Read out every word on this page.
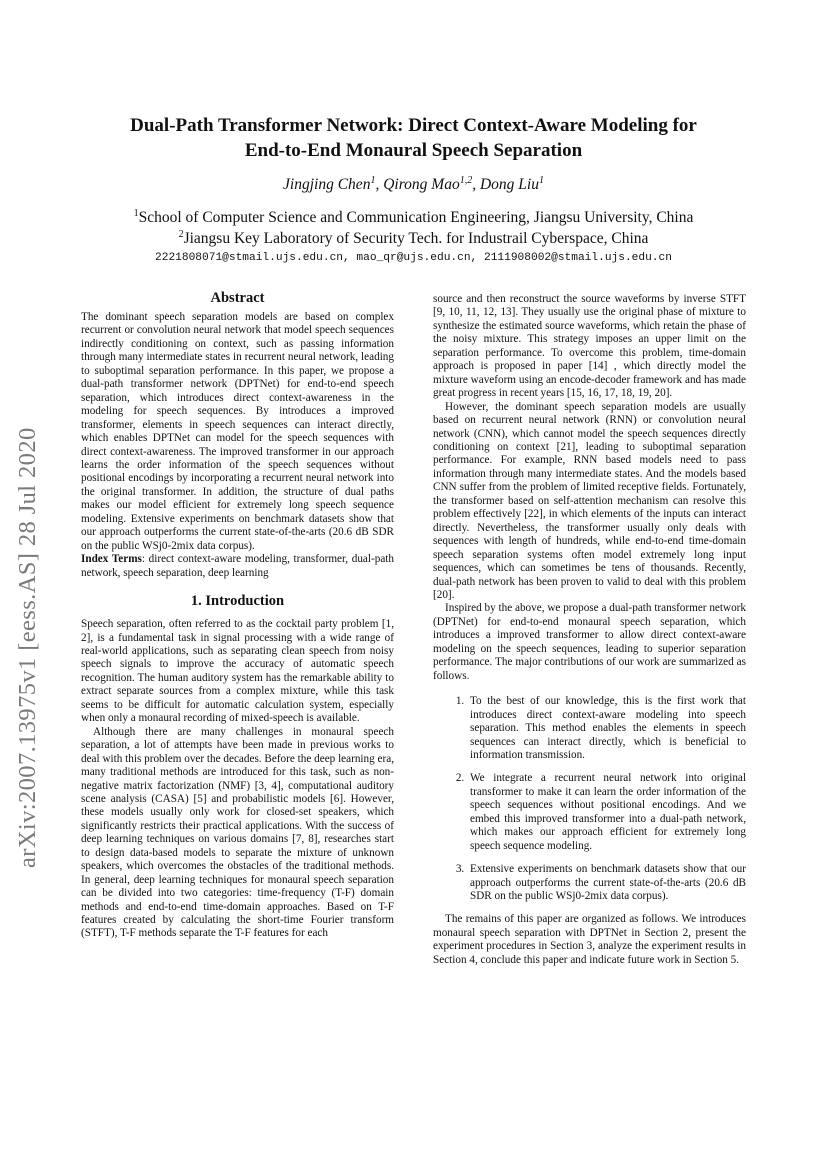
arXiv:2007.13975v1 [eess.AS] 28 Jul 2020
Dual-Path Transformer Network: Direct Context-Aware Modeling for
End-to-End Monaural Speech Separation
Jingjing Chen$^1$, Qirong Mao$^{1,2}$, Dong Liu$^1$
$^1$School of Computer Science and Communication Engineering, Jiangsu University, China
$^2$Jiangsu Key Laboratory of Security Tech. for Industrail Cyberspace, China
2221808071@stmail.ujs.edu.cn, mao_qr@ujs.edu.cn, 2111908002@stmail.ujs.edu.cn
Abstract

The dominant speech separation models are based on complex recurrent or convolution neural network that model speech sequences indirectly conditioning on context, such as passing information through many intermediate states in recurrent neural network, leading to suboptimal separation performance. In this paper, we propose a dual-path transformer network (DPTNet) for end-to-end speech separation, which introduces direct context-awareness in the modeling for speech sequences. By introduces a improved transformer, elements in speech sequences can interact directly, which enables DPTNet can model for the speech sequences with direct context-awareness. The improved transformer in our approach learns the order information of the speech sequences without positional encodings by incorporating a recurrent neural network into the original transformer. In addition, the structure of dual paths makes our model efficient for extremely long speech sequence modeling. Extensive experiments on benchmark datasets show that our approach outperforms the current state-of-the-arts (20.6 dB SDR on the public WSj0-2mix data corpus).

Index Terms: direct context-aware modeling, transformer, dual-path network, speech separation, deep learning

1. Introduction

Speech separation, often referred to as the cocktail party problem [1, 2], is a fundamental task in signal processing with a wide range of real-world applications, such as separating clean speech from noisy speech signals to improve the accuracy of automatic speech recognition. The human auditory system has the remarkable ability to extract separate sources from a complex mixture, while this task seems to be difficult for automatic calculation system, especially when only a monaural recording of mixed-speech is available.

Although there are many challenges in monaural speech separation, a lot of attempts have been made in previous works to deal with this problem over the decades. Before the deep learning era, many traditional methods are introduced for this task, such as non-negative matrix factorization (NMF) [3, 4], computational auditory scene analysis (CASA) [5] and probabilistic models [6]. However, these models usually only work for closed-set speakers, which significantly restricts their practical applications. With the success of deep learning techniques on various domains [7, 8], researches start to design data-based models to separate the mixture of unknown speakers, which overcomes the obstacles of the traditional methods. In general, deep learning techniques for monaural speech separation can be divided into two categories: time-frequency (T-F) domain methods and end-to-end time-domain approaches. Based on T-F features created by calculating the short-time Fourier transform (STFT), T-F methods separate the T-F features for each

source and then reconstruct the source waveforms by inverse STFT [9, 10, 11, 12, 13]. They usually use the original phase of mixture to synthesize the estimated source waveforms, which retain the phase of the noisy mixture. This strategy imposes an upper limit on the separation performance. To overcome this problem, time-domain approach is proposed in paper [14] , which directly model the mixture waveform using an encode-decoder framework and has made great progress in recent years [15, 16, 17, 18, 19, 20].

However, the dominant speech separation models are usually based on recurrent neural network (RNN) or convolution neural network (CNN), which cannot model the speech sequences directly conditioning on context [21], leading to suboptimal separation performance. For example, RNN based models need to pass information through many intermediate states. And the models based CNN suffer from the problem of limited receptive fields. Fortunately, the transformer based on self-attention mechanism can resolve this problem effectively [22], in which elements of the inputs can interact directly. Nevertheless, the transformer usually only deals with sequences with length of hundreds, while end-to-end time-domain speech separation systems often model extremely long input sequences, which can sometimes be tens of thousands. Recently, dual-path network has been proven to valid to deal with this problem [20].

Inspired by the above, we propose a dual-path transformer network (DPTNet) for end-to-end monaural speech separation, which introduces a improved transformer to allow direct context-aware modeling on the speech sequences, leading to superior separation performance. The major contributions of our work are summarized as follows.

1. To the best of our knowledge, this is the first work that introduces direct context-aware modeling into speech separation. This method enables the elements in speech sequences can interact directly, which is beneficial to information transmission.
2. We integrate a recurrent neural network into original transformer to make it can learn the order information of the speech sequences without positional encodings. And we embed this improved transformer into a dual-path network, which makes our approach efficient for extremely long speech sequence modeling.
3. Extensive experiments on benchmark datasets show that our approach outperforms the current state-of-the-arts (20.6 dB SDR on the public WSj0-2mix data corpus).

The remains of this paper are organized as follows. We introduces monaural speech separation with DPTNet in Section 2, present the experiment procedures in Section 3, analyze the experiment results in Section 4, conclude this paper and indicate future work in Section 5.
